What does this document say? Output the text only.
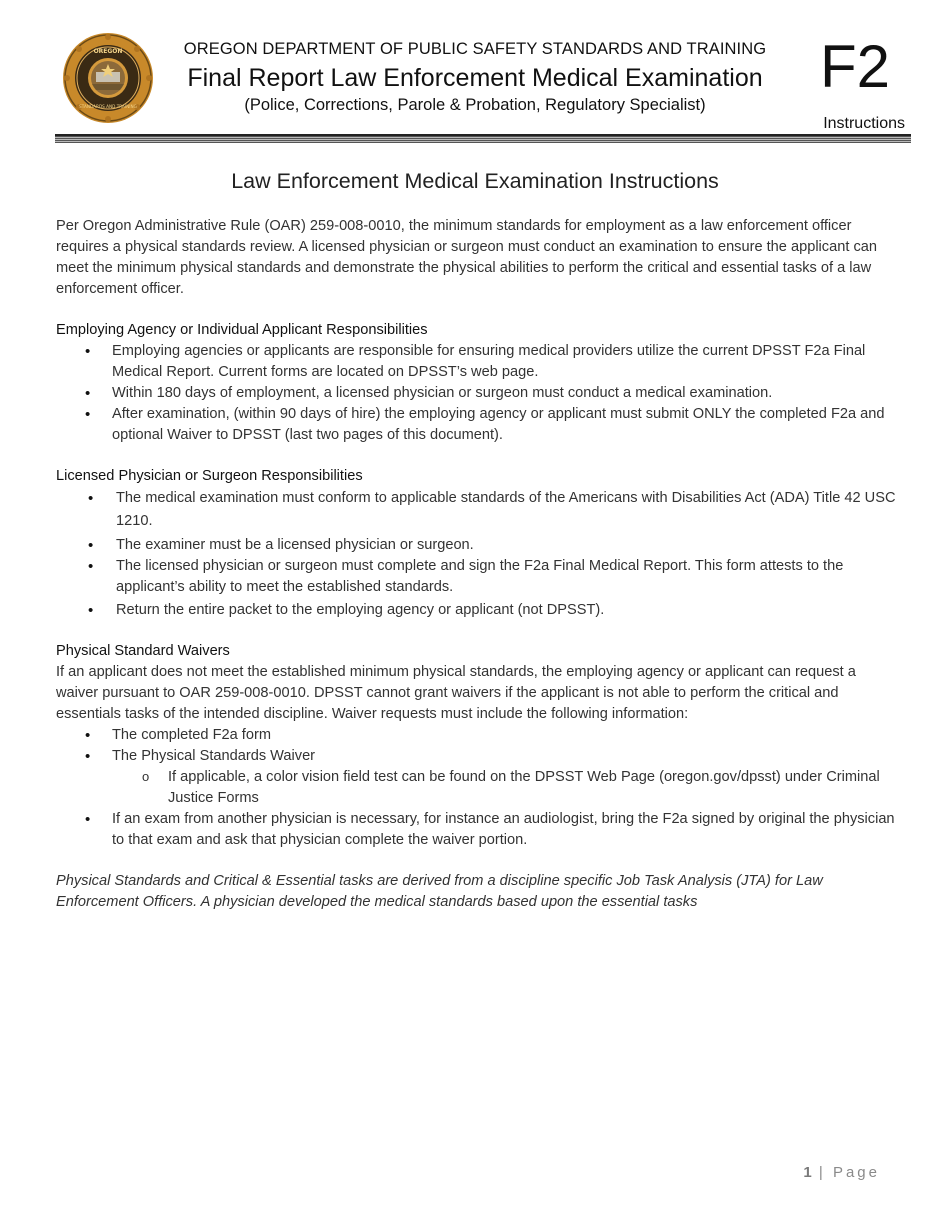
OREGON
STANDARDS AND TRAINING
OREGON DEPARTMENT OF PUBLIC SAFETY STANDARDS AND TRAINING
Final Report Law Enforcement Medical Examination
(Police, Corrections, Parole & Probation, Regulatory Specialist)
F2
Instructions
Law Enforcement Medical Examination Instructions

Per Oregon Administrative Rule (OAR) 259-008-0010, the minimum standards for employment as a law enforcement officer requires a physical standards review. A licensed physician or surgeon must conduct an examination to ensure the applicant can meet the minimum physical standards and demonstrate the physical abilities to perform the critical and essential tasks of a law enforcement officer.

Employing Agency or Individual Applicant Responsibilities

• Employing agencies or applicants are responsible for ensuring medical providers utilize the current DPSST F2a Final Medical Report. Current forms are located on DPSST’s web page.
• Within 180 days of employment, a licensed physician or surgeon must conduct a medical examination.
• After examination, (within 90 days of hire) the employing agency or applicant must submit ONLY the completed F2a and optional Waiver to DPSST (last two pages of this document).

Licensed Physician or Surgeon Responsibilities

• The medical examination must conform to applicable standards of the Americans with Disabilities Act (ADA) Title 42 USC 1210.
• The examiner must be a licensed physician or surgeon.
• The licensed physician or surgeon must complete and sign the F2a Final Medical Report. This form attests to the applicant’s ability to meet the established standards.
• Return the entire packet to the employing agency or applicant (not DPSST).

Physical Standard Waivers

If an applicant does not meet the established minimum physical standards, the employing agency or applicant can request a waiver pursuant to OAR 259-008-0010. DPSST cannot grant waivers if the applicant is not able to perform the critical and essentials tasks of the intended discipline. Waiver requests must include the following information:

• The completed F2a form
• The Physical Standards Waiver
o If applicable, a color vision field test can be found on the DPSST Web Page (oregon.gov/dpsst) under Criminal Justice Forms
• If an exam from another physician is necessary, for instance an audiologist, bring the F2a signed by original the physician to that exam and ask that physician complete the waiver portion.

Physical Standards and Critical & Essential tasks are derived from a discipline specific Job Task Analysis (JTA) for Law Enforcement Officers. A physician developed the medical standards based upon the essential tasks

1 | Page
